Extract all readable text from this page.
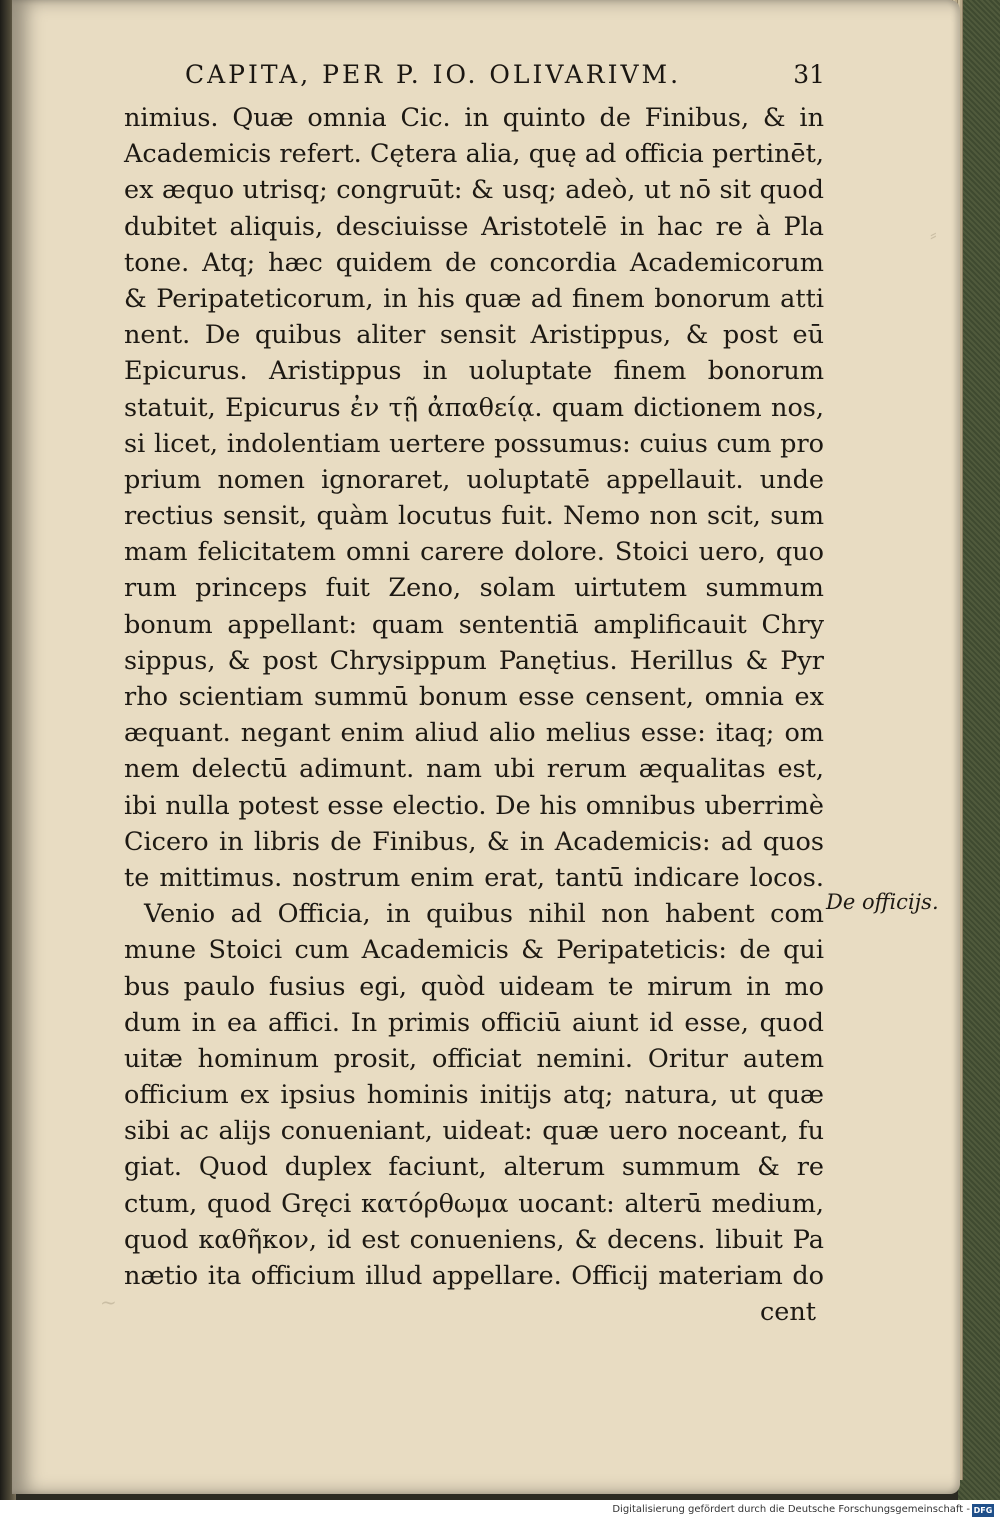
⸗
~
CAPITA, PER P. IO. OLIVARIVM.	31
nimius. Quæ omnia Cic. in quinto de Finibus, & in
Academicis refert. Cętera alia, quę ad officia pertinēt,
ex æquo utrisq; congruūt: & usq; adeò, ut nō sit quod
dubitet aliquis, desciuisse Aristotelē in hac re à Pla
tone. Atq; hæc quidem de concordia Academicorum
& Peripateticorum, in his quæ ad finem bonorum atti
nent. De quibus aliter sensit Aristippus, & post eū
Epicurus. Aristippus in uoluptate finem bonorum
statuit, Epicurus ἐν τῇ ἀπαθείᾳ. quam dictionem nos,
si licet, indolentiam uertere possumus: cuius cum pro
prium nomen ignoraret, uoluptatē appellauit. unde
rectius sensit, quàm locutus fuit. Nemo non scit, sum
mam felicitatem omni carere dolore. Stoici uero, quo
rum princeps fuit Zeno, solam uirtutem summum
bonum appellant: quam sententiā amplificauit Chry
sippus, & post Chrysippum Panętius. Herillus & Pyr
rho scientiam summū bonum esse censent, omnia ex
æquant. negant enim aliud alio melius esse: itaq; om
nem delectū adimunt. nam ubi rerum æqualitas est,
ibi nulla potest esse electio. De his omnibus uberrimè
Cicero in libris de Finibus, & in Academicis: ad quos
te mittimus. nostrum enim erat, tantū indicare locos.
Venio ad Officia, in quibus nihil non habent com
mune Stoici cum Academicis & Peripateticis: de qui
bus paulo fusius egi, quòd uideam te mirum in mo
dum in ea affici. In primis officiū aiunt id esse, quod
uitæ hominum prosit, officiat nemini. Oritur autem
officium ex ipsius hominis initijs atq; natura, ut quæ
sibi ac alijs conueniant, uideat: quæ uero noceant, fu
giat. Quod duplex faciunt, alterum summum & re
ctum, quod Gręci κατόρθωμα uocant: alterū medium,
quod καθῆκον, id est conueniens, & decens. libuit Pa
nætio ita officium illud appellare. Officij materiam do
cent
De officijs.
Digitalisierung gefördert durch die Deutsche Forschungsgemeinschaft - DFG
